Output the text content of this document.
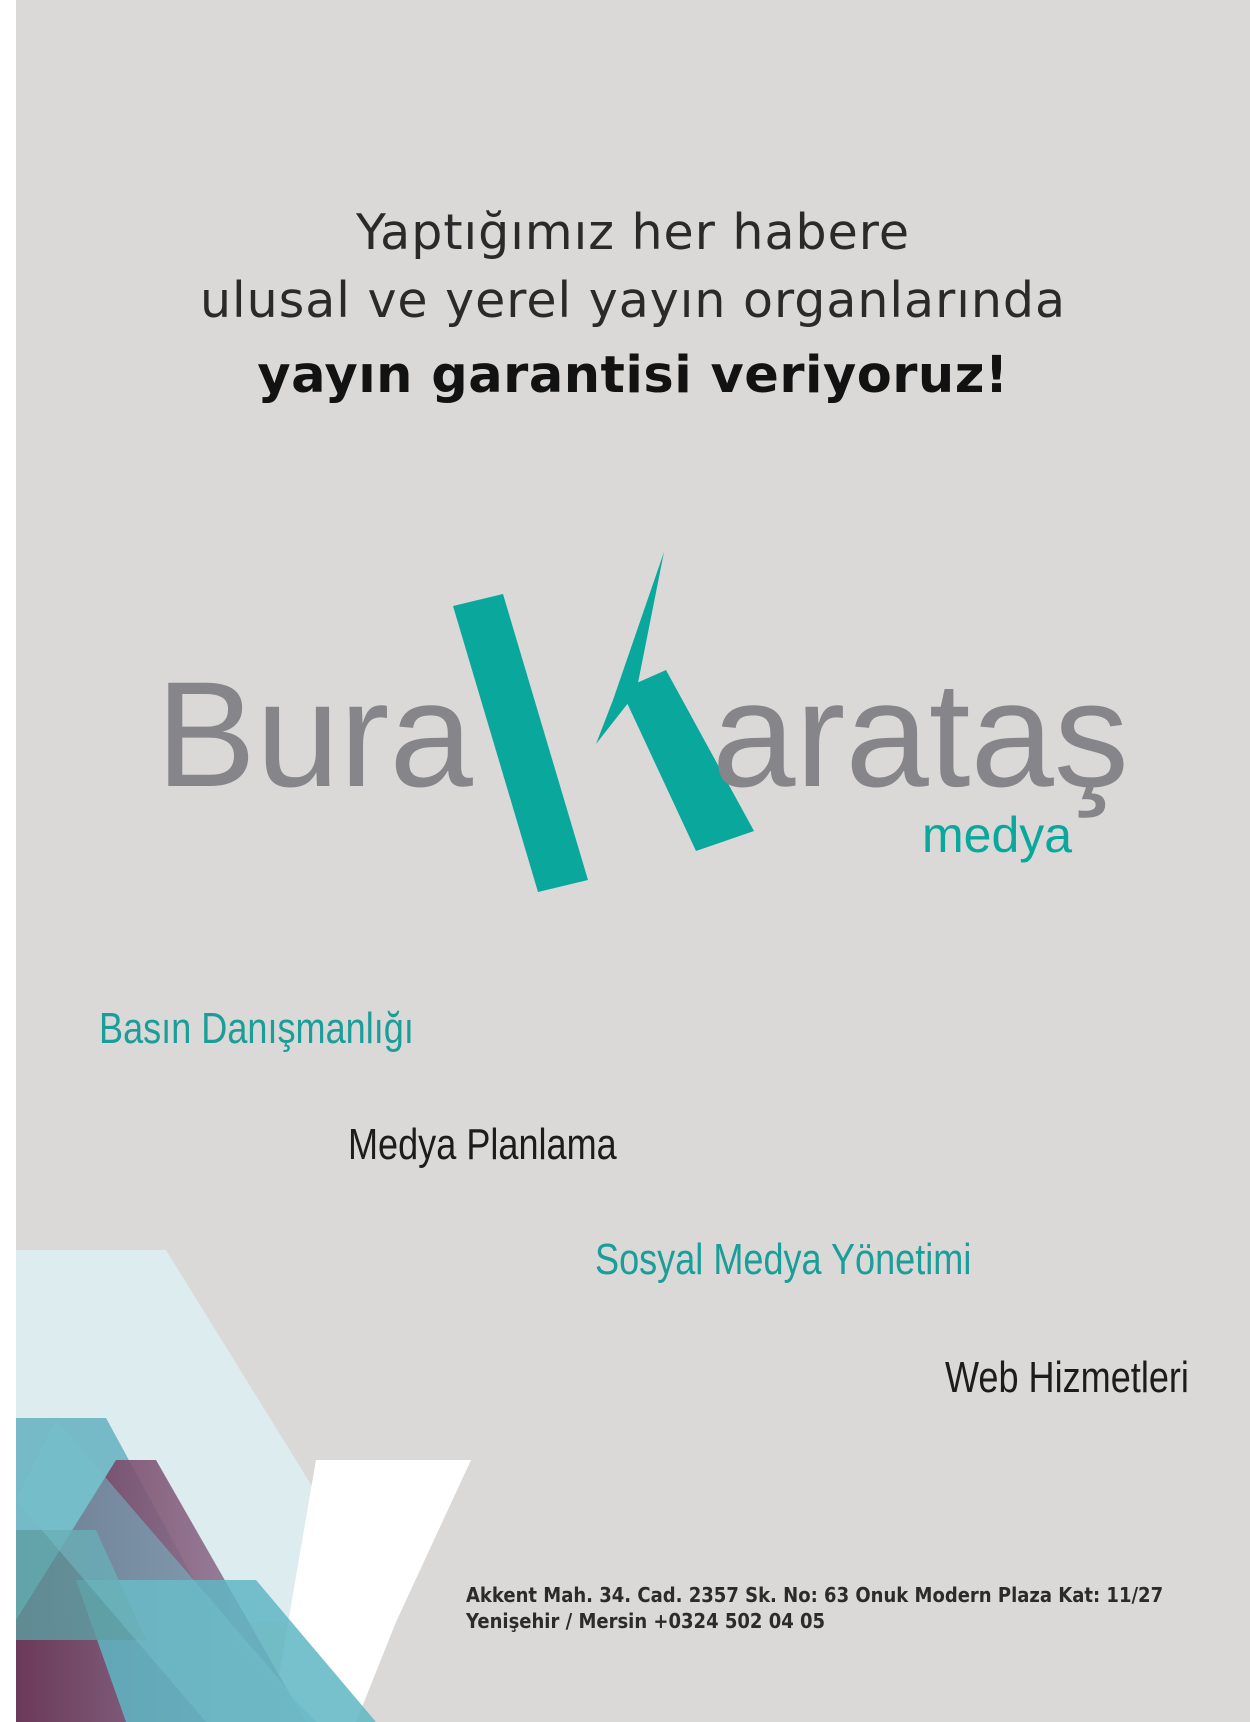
Yaptığımız her habere
ulusal ve yerel yayın organlarında
yayın garantisi veriyoruz!
Bura arataş
medya
Basın Danışmanlığı
Medya Planlama
Sosyal Medya Yönetimi
Web Hizmetleri
Akkent Mah. 34. Cad. 2357 Sk. No: 63 Onuk Modern Plaza Kat: 11/27
Yenişehir / Mersin +0324 502 04 05
